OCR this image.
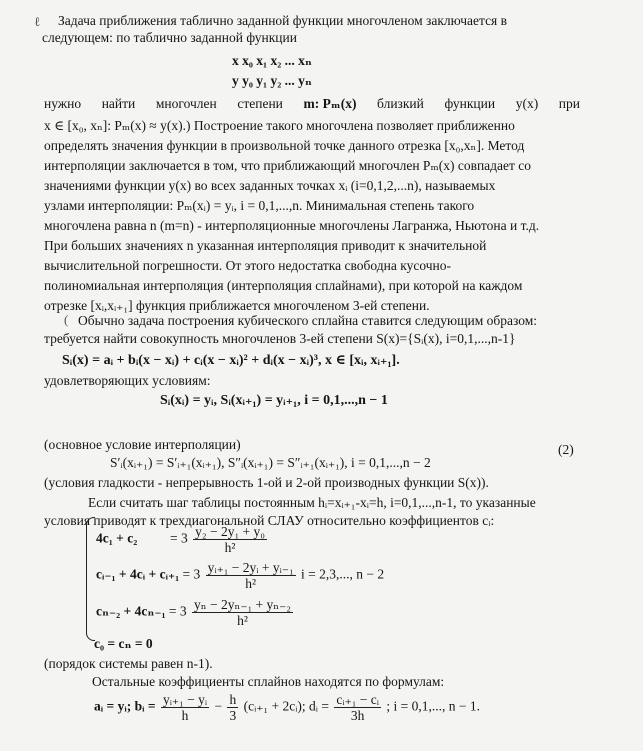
ℓ Задача приближения таблично заданной функции многочленом заключается в
следующем: по таблично заданной функции
x x₀ x₁ x₂ ... xₙ
y y₀ y₁ y₂ ... yₙ
нужно найти многочлен степени m: Pₘ(x) близкий функции y(x) при
x ∈ [x₀, xₙ]: Pₘ(x) ≈ y(x).) Построение такого многочлена позволяет приближенно
определять значения функции в произвольной точке данного отрезка [x₀,xₙ]. Метод
интерполяции заключается в том, что приближающий многочлен Pₘ(x) совпадает со
значениями функции y(x) во всех заданных точках xᵢ (i=0,1,2,...n), называемых
узлами интерполяции: Pₘ(xᵢ) = yᵢ, i = 0,1,...,n. Минимальная степень такого
многочлена равна n (m=n) - интерполяционные многочлены Лагранжа, Ньютона и т.д.
При больших значениях n указанная интерполяция приводит к значительной
вычислительной погрешности. От этого недостатка свободна кусочно-
полиномиальная интерполяция (интерполяция сплайнами), при которой на каждом
отрезке [xᵢ,xᵢ₊₁] функция приближается многочленом 3-ей степени.
( Обычно задача построения кубического сплайна ставится следующим образом:
требуется найти совокупность многочленов 3-ей степени S(x)={Sᵢ(x), i=0,1,...,n-1}
Sᵢ(x) = aᵢ + bᵢ(x − xᵢ) + cᵢ(x − xᵢ)² + dᵢ(x − xᵢ)³, x ∈ [xᵢ, xᵢ₊₁].
удовлетворяющих условиям:
Sᵢ(xᵢ) = yᵢ, Sᵢ(xᵢ₊₁) = yᵢ₊₁, i = 0,1,...,n − 1
(основное условие интерполяции)
S′ᵢ(xᵢ₊₁) = S′ᵢ₊₁(xᵢ₊₁), S″ᵢ(xᵢ₊₁) = S″ᵢ₊₁(xᵢ₊₁), i = 0,1,...,n − 2
(2)
(условия гладкости - непрерывность 1-ой и 2-ой производных функции S(x)).
Если считать шаг таблицы постоянным hᵢ=xᵢ₊₁-xᵢ=h, i=0,1,...,n-1, то указанные
условия приводят к трехдиагональной СЛАУ относительно коэффициентов cᵢ:
$4c_1 + c_2 = 3 \frac{\text{y₂ − 2y₁ + y₀}}{\text{h²}}$
cᵢ₋₁ + 4cᵢ + cᵢ₊₁ = $3 \frac{\text{yᵢ₊₁ − 2yᵢ + yᵢ₋₁}}{\text{h²}}$ i = 2,3,..., n − 2
$c_{n-2} + 4c_{n-1} = 3 \frac{\text{yₙ − 2yₙ₋₁ + yₙ₋₂}}{\text{h²}}$
c₀ = cₙ = 0
(порядок системы равен n-1).
Остальные коэффициенты сплайнов находятся по формулам:
aᵢ = yᵢ; bᵢ = $\frac{\text{yᵢ₊₁ − yᵢ}}{h} - \frac{h}{3}$ (cᵢ₊₁ + 2cᵢ); dᵢ = $\frac{\text{cᵢ₊₁ − cᵢ}}{3h}$ ; i = 0,1,..., n − 1.
